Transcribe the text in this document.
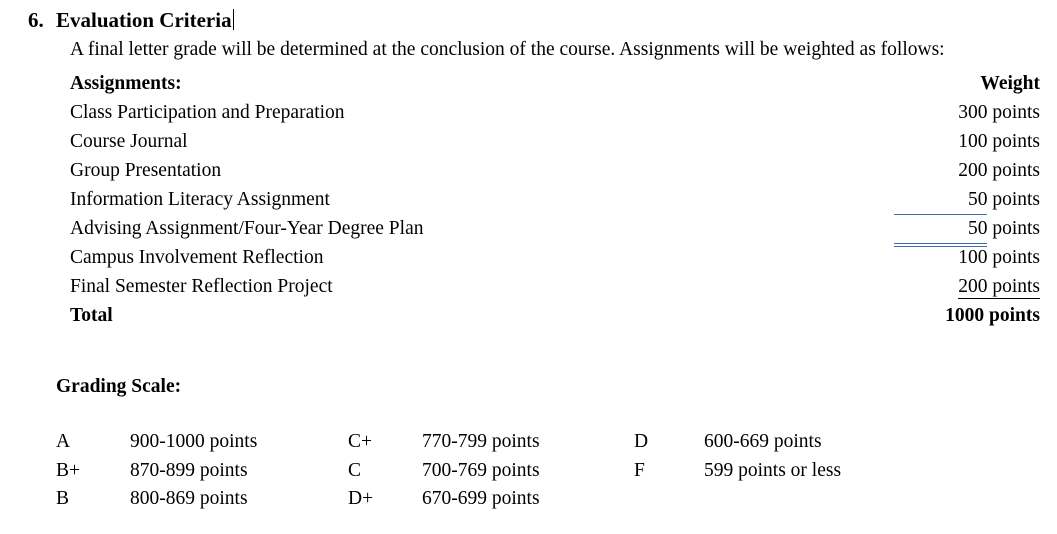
6. Evaluation Criteria
A final letter grade will be determined at the conclusion of the course. Assignments will be weighted as follows:
Assignments:	Weight
Class Participation and Preparation	300 points
Course Journal	100 points
Group Presentation	200 points
Information Literacy Assignment	50 points
Advising Assignment/Four-Year Degree Plan	50 points
Campus Involvement Reflection	100 points
Final Semester Reflection Project	200 points
Total	1000 points
Grading Scale:
A	900-1000 points	C+	770-799 points	D	600-669 points
B+	870-899 points	C	700-769 points	F	599 points or less
B	800-869 points	D+	670-699 points		
